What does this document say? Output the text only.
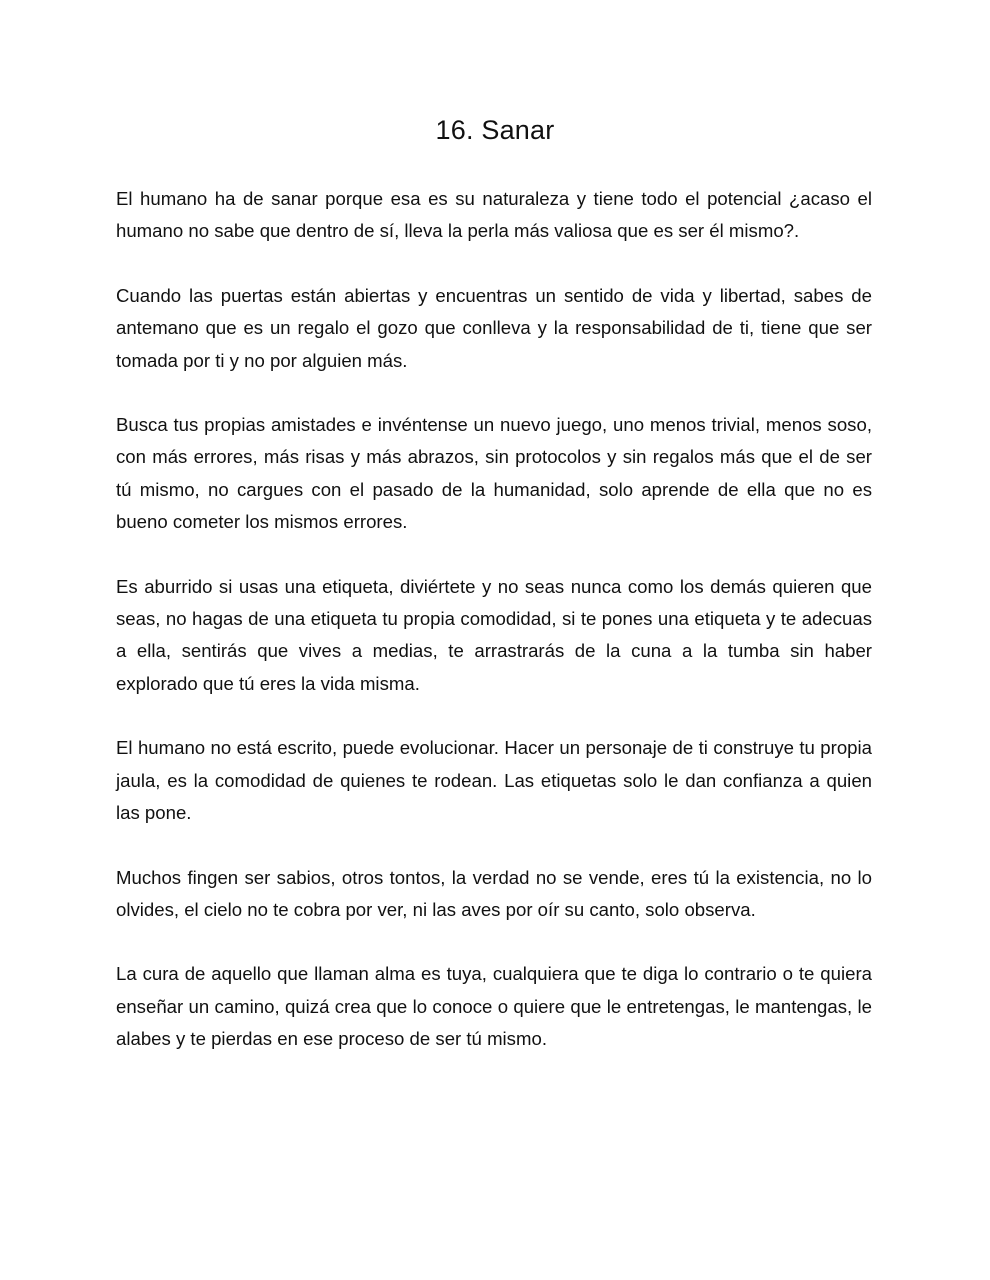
16. Sanar

El humano ha de sanar porque esa es su naturaleza y tiene todo el potencial ¿acaso el humano no sabe que dentro de sí, lleva la perla más valiosa que es ser él mismo?.

Cuando las puertas están abiertas y encuentras un sentido de vida y libertad, sabes de antemano que es un regalo el gozo que conlleva y la responsabilidad de ti, tiene que ser tomada por ti y no por alguien más.

Busca tus propias amistades e invéntense un nuevo juego, uno menos trivial, menos soso, con más errores, más risas y más abrazos, sin protocolos y sin regalos más que el de ser tú mismo, no cargues con el pasado de la humanidad, solo aprende de ella que no es bueno cometer los mismos errores.

Es aburrido si usas una etiqueta, diviértete y no seas nunca como los demás quieren que seas, no hagas de una etiqueta tu propia comodidad, si te pones una etiqueta y te adecuas a ella, sentirás que vives a medias, te arrastrarás de la cuna a la tumba sin haber explorado que tú eres la vida misma.

El humano no está escrito, puede evolucionar. Hacer un personaje de ti construye tu propia jaula, es la comodidad de quienes te rodean. Las etiquetas solo le dan confianza a quien las pone.

Muchos fingen ser sabios, otros tontos, la verdad no se vende, eres tú la existencia, no lo olvides, el cielo no te cobra por ver, ni las aves por oír su canto, solo observa.

La cura de aquello que llaman alma es tuya, cualquiera que te diga lo contrario o te quiera enseñar un camino, quizá crea que lo conoce o quiere que le entretengas, le mantengas, le alabes y te pierdas en ese proceso de ser tú mismo.
